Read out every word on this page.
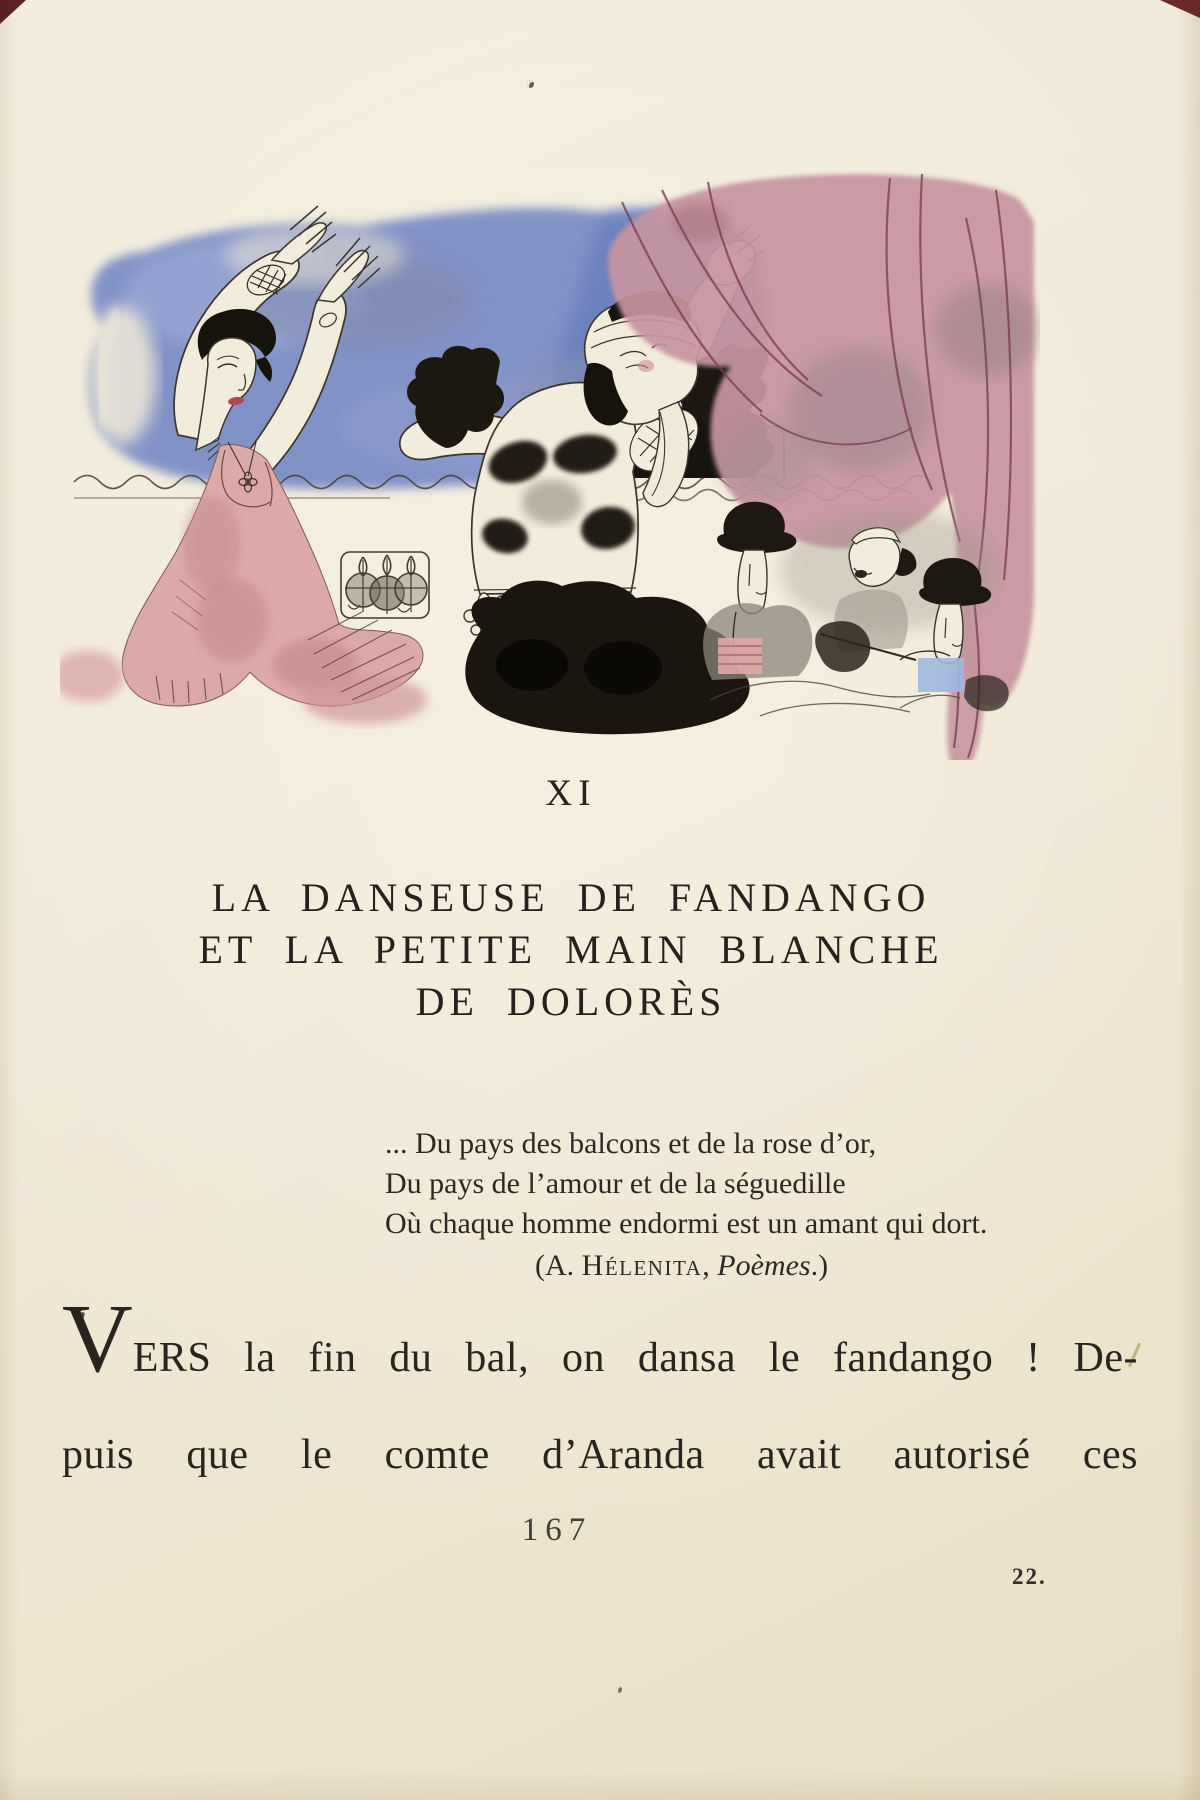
XI
LA DANSEUSE DE FANDANGO
ET LA PETITE MAIN BLANCHE
DE DOLORÈS
... Du pays des balcons et de la rose d’or,
Du pays de l’amour et de la séguedille
Où chaque homme endormi est un amant qui dort.
(A. Hélenita, Poèmes.)
VERS la fin du bal, on dansa le fandango ! De-
puis que le comte d’Aranda avait autorisé ces
167
22.
